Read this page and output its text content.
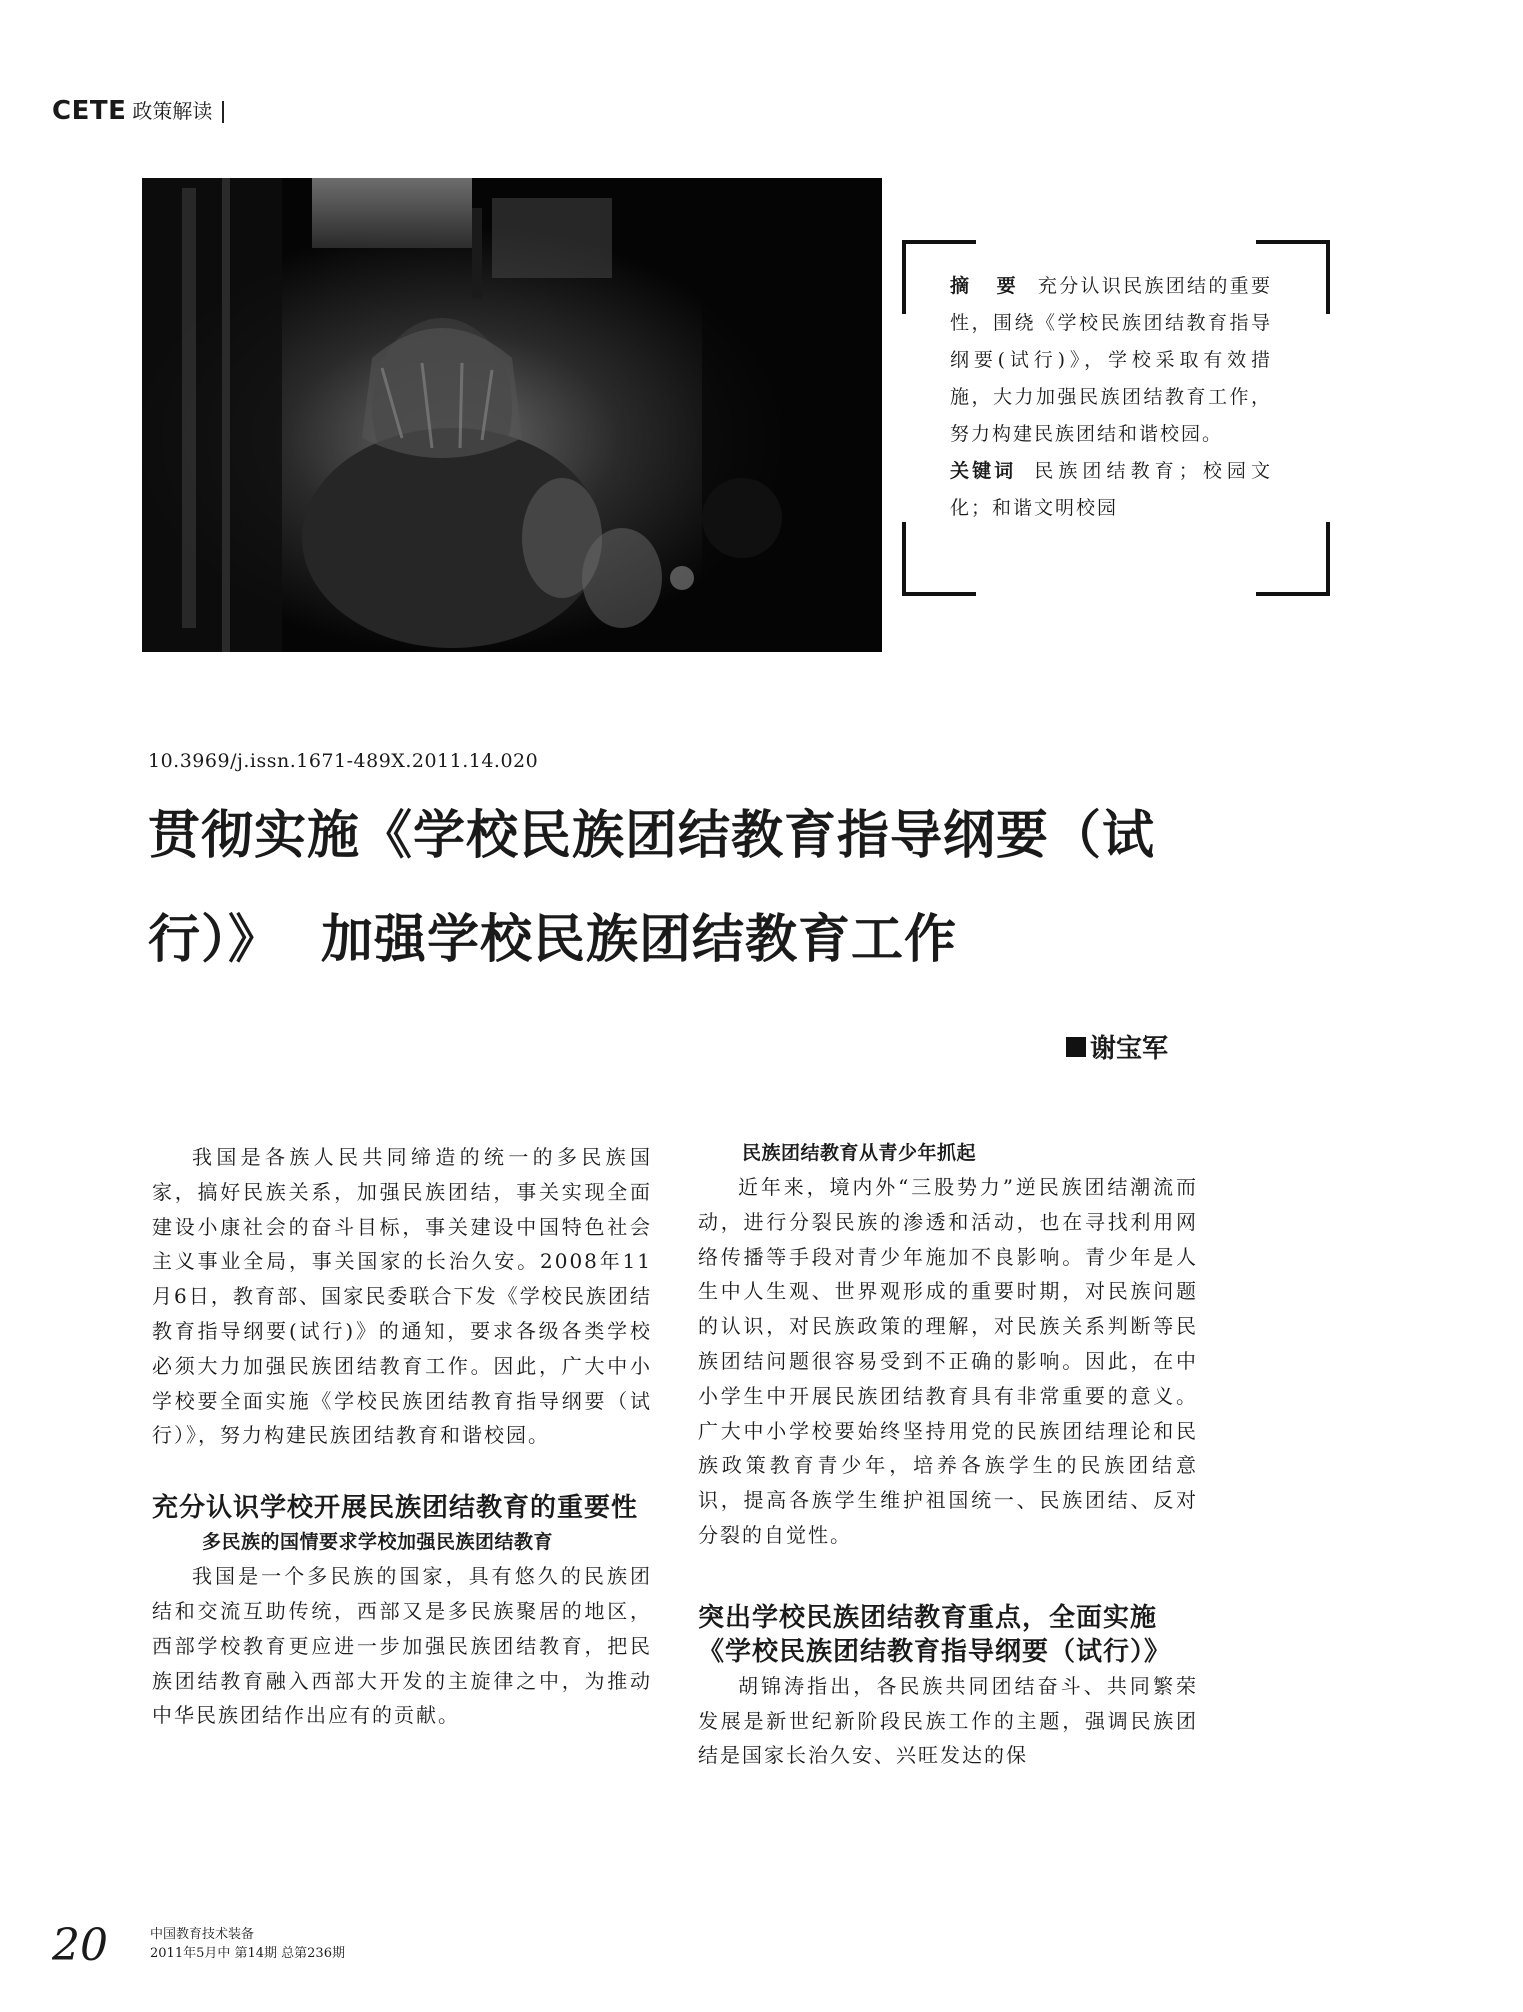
CETE 政策解读
摘　要 充分认识民族团结的重要性，围绕《学校民族团结教育指导纲要(试行)》，学校采取有效措施，大力加强民族团结教育工作，努力构建民族团结和谐校园。
关键词 民族团结教育；校园文化；和谐文明校园
10.3969/j.issn.1671-489X.2011.14.020
贯彻实施《学校民族团结教育指导纲要（试
行）》 加强学校民族团结教育工作
谢宝军

我国是各族人民共同缔造的统一的多民族国家，搞好民族关系，加强民族团结，事关实现全面建设小康社会的奋斗目标，事关建设中国特色社会主义事业全局，事关国家的长治久安。2008年11月6日，教育部、国家民委联合下发《学校民族团结教育指导纲要(试行)》的通知，要求各级各类学校必须大力加强民族团结教育工作。因此，广大中小学校要全面实施《学校民族团结教育指导纲要（试行）》，努力构建民族团结教育和谐校园。

充分认识学校开展民族团结教育的重要性
多民族的国情要求学校加强民族团结教育

我国是一个多民族的国家，具有悠久的民族团结和交流互助传统，西部又是多民族聚居的地区，西部学校教育更应进一步加强民族团结教育，把民族团结教育融入西部大开发的主旋律之中，为推动中华民族团结作出应有的贡献。

民族团结教育从青少年抓起

近年来，境内外“三股势力”逆民族团结潮流而动，进行分裂民族的渗透和活动，也在寻找利用网络传播等手段对青少年施加不良影响。青少年是人生中人生观、世界观形成的重要时期，对民族问题的认识，对民族政策的理解，对民族关系判断等民族团结问题很容易受到不正确的影响。因此，在中小学生中开展民族团结教育具有非常重要的意义。广大中小学校要始终坚持用党的民族团结理论和民族政策教育青少年，培养各族学生的民族团结意识，提高各族学生维护祖国统一、民族团结、反对分裂的自觉性。

突出学校民族团结教育重点，全面实施《学校民族团结教育指导纲要（试行）》

胡锦涛指出，各民族共同团结奋斗、共同繁荣发展是新世纪新阶段民族工作的主题，强调民族团结是国家长治久安、兴旺发达的保

20	中国教育技术装备
2011年5月中 第14期 总第236期
